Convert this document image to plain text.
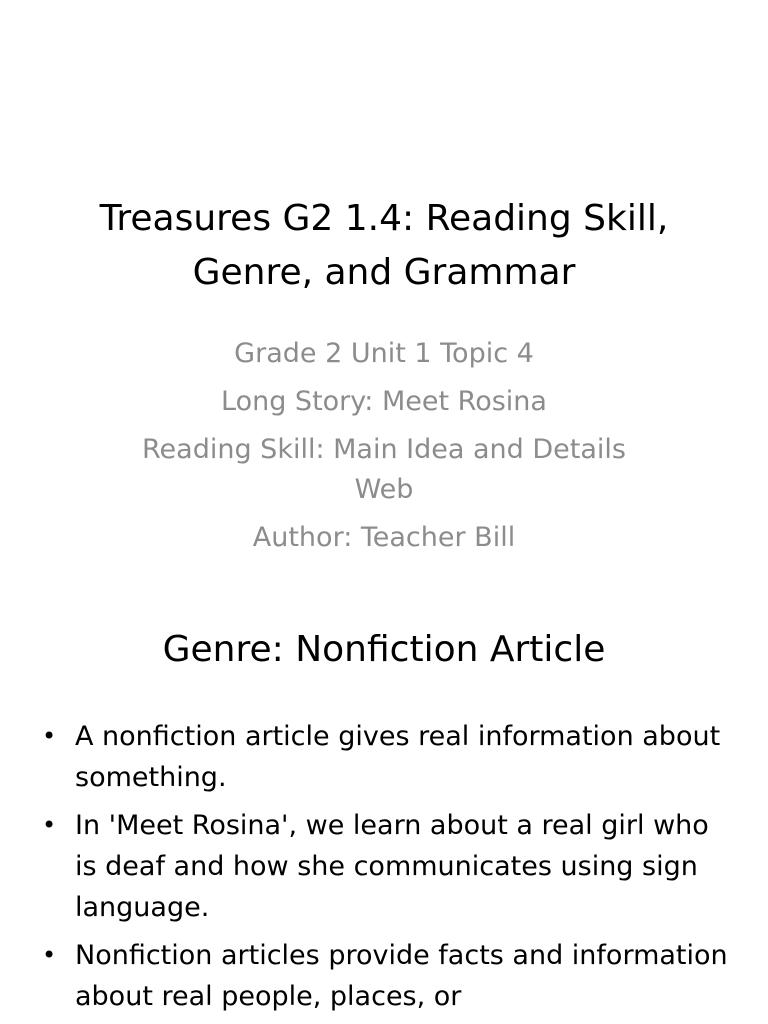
Treasures G2 1.4: Reading Skill, Genre, and Grammar
Grade 2 Unit 1 Topic 4
Long Story: Meet Rosina
Reading Skill: Main Idea and Details Web
Author: Teacher Bill
Genre: Nonfiction Article
• A nonfiction article gives real information about something.
• In 'Meet Rosina', we learn about a real girl who is deaf and how she communicates using sign language.
• Nonfiction articles provide facts and information about real people, places, or
